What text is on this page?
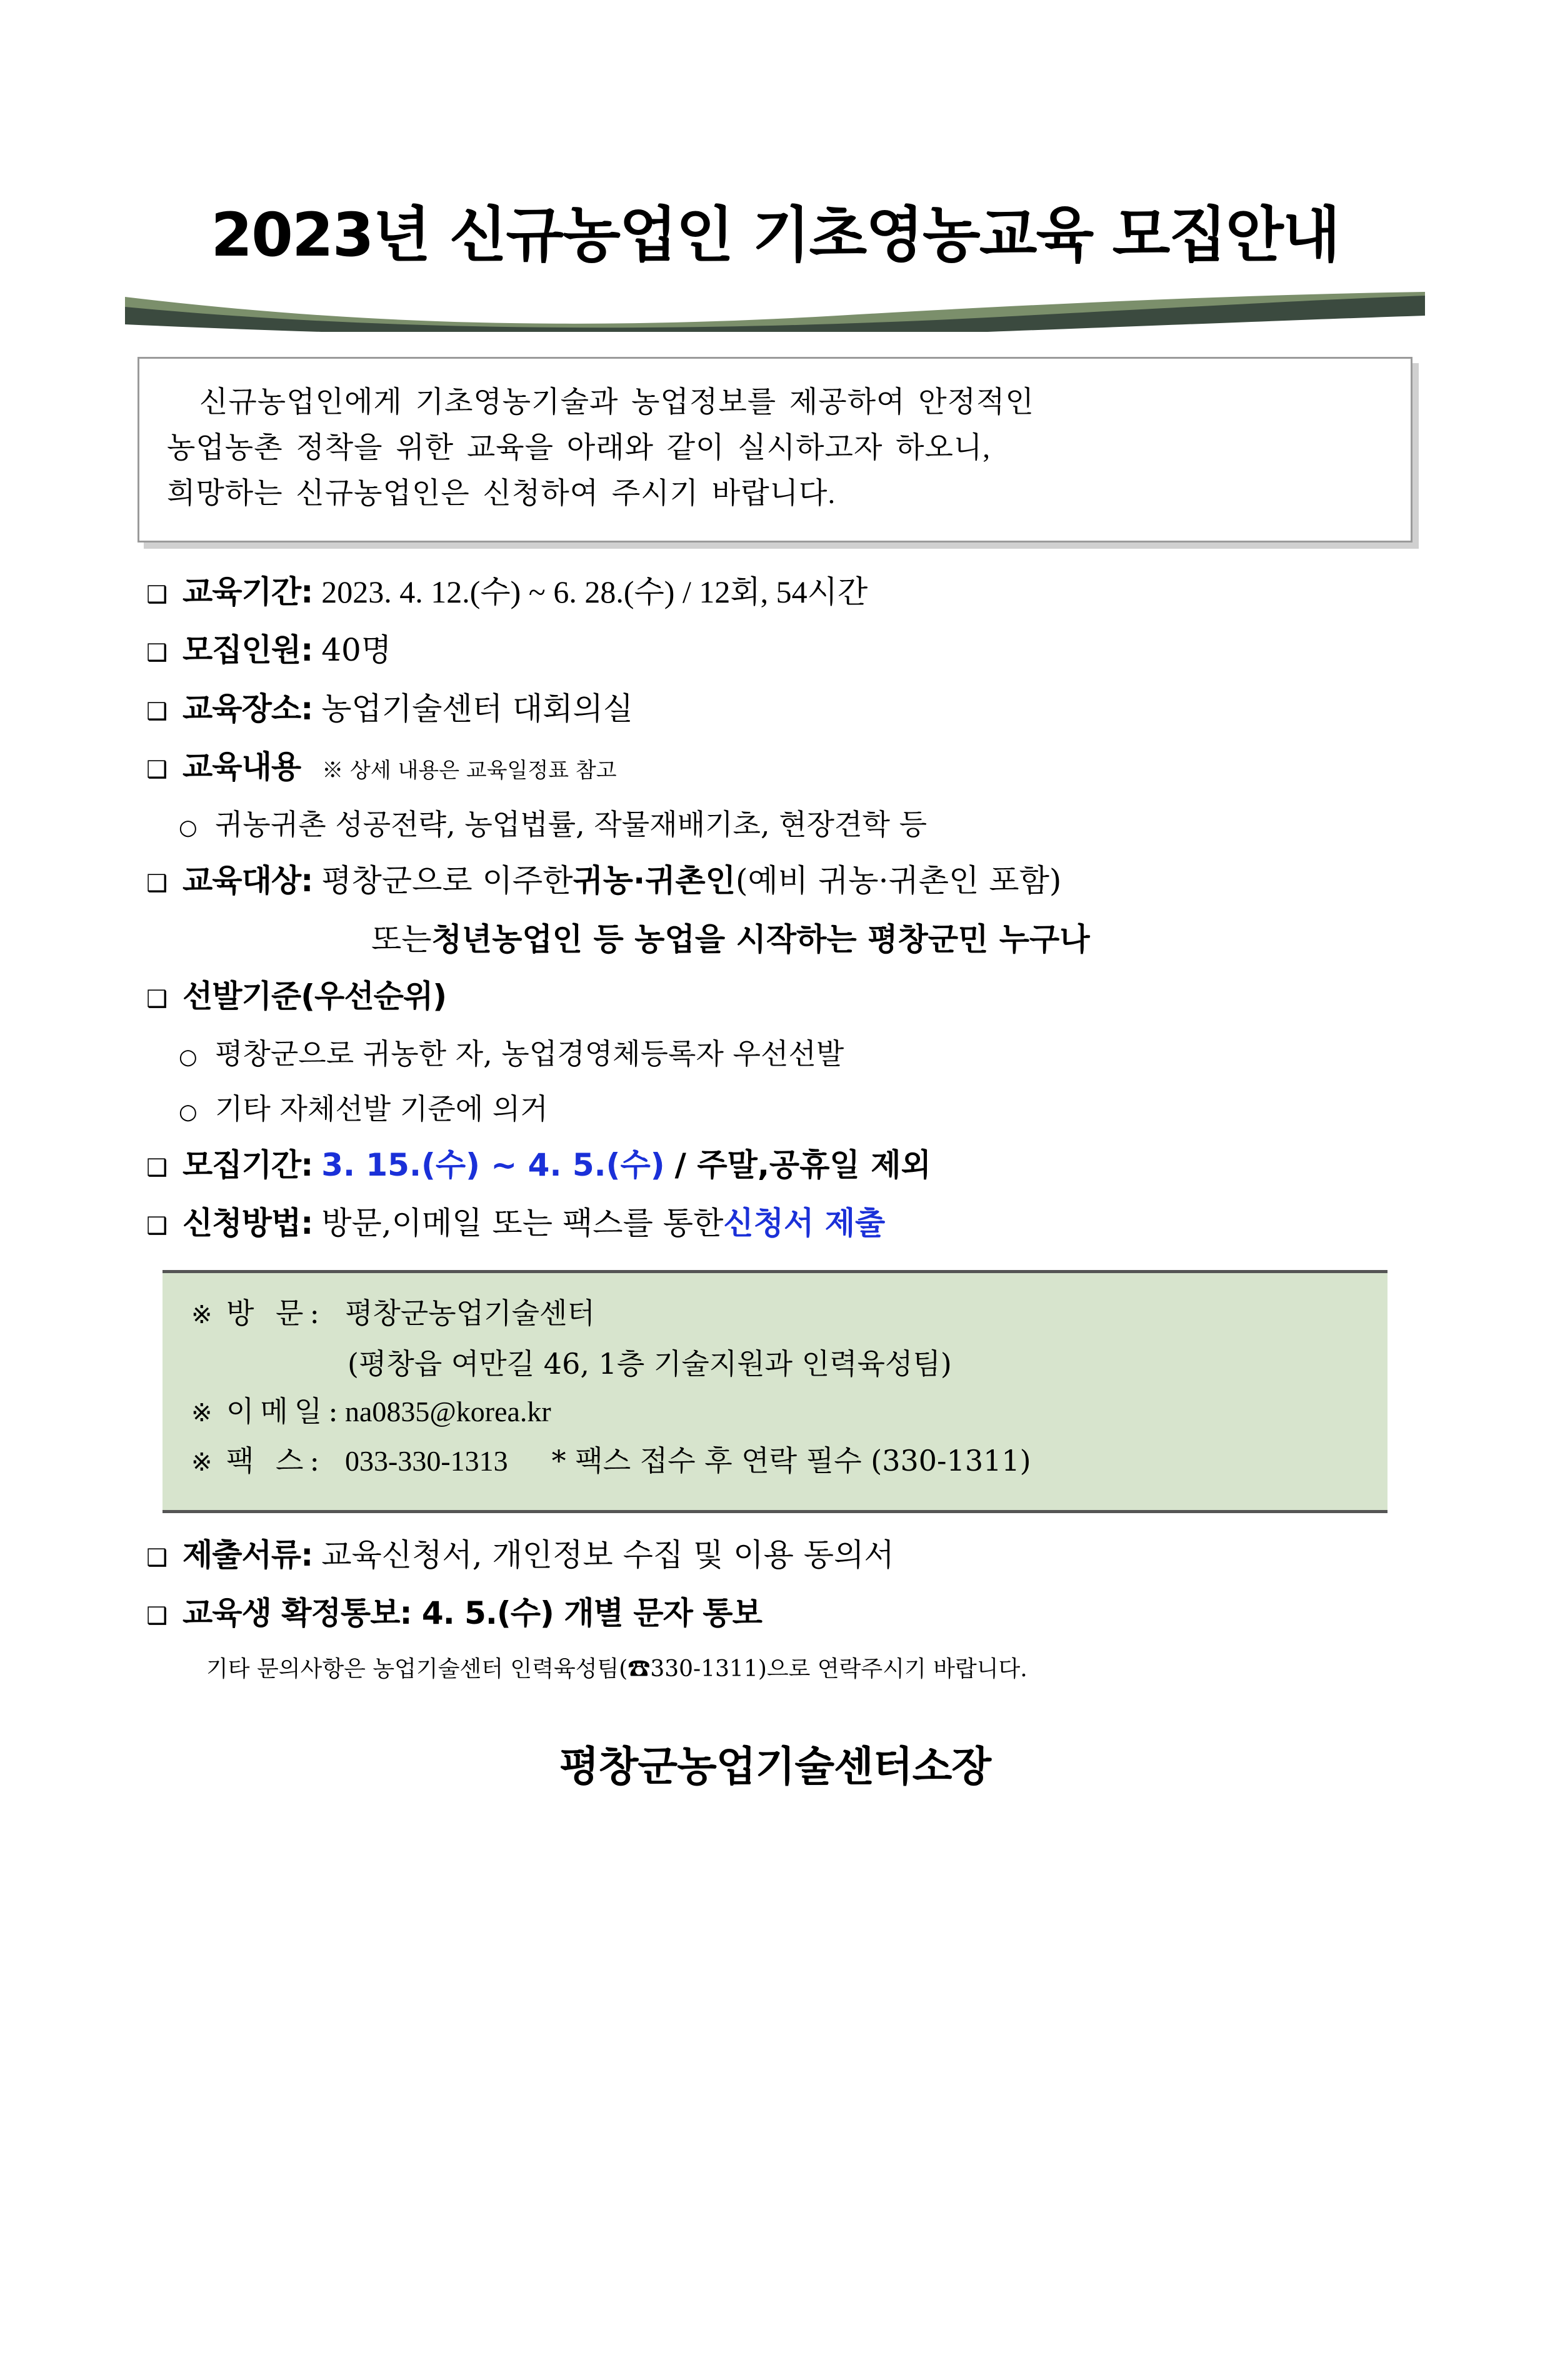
2023년 신규농업인 기초영농교육 모집안내

신규농업인에게 기초영농기술과 농업정보를 제공하여 안정적인

농업농촌 정착을 위한 교육을 아래와 같이 실시하고자 하오니,

희망하는 신규농업인은 신청하여 주시기 바랍니다.

❑ 교육기간: 2023. 4. 12.(수) ~ 6. 28.(수) / 12회, 54시간
❑ 모집인원: 40명
❑ 교육장소: 농업기술센터 대회의실
❑ 교육내용 ※ 상세 내용은 교육일정표 참고
○ 귀농귀촌 성공전략, 농업법률, 작물재배기초, 현장견학 등
❑ 교육대상: 평창군으로 이주한 귀농·귀촌인 (예비 귀농·귀촌인 포함)
또는 청년농업인 등 농업을 시작하는 평창군민 누구나
❑ 선발기준(우선순위)
○ 평창군으로 귀농한 자, 농업경영체등록자 우선선발
○ 기타 자체선발 기준에 의거
❑ 모집기간: 3. 15.(수) ~ 4. 5.(수) / 주말,공휴일 제외
❑ 신청방법: 방문,이메일 또는 팩스를 통한 신청서 제출
※ 방 문: 평창군농업기술센터
(평창읍 여만길 46, 1층 기술지원과 인력육성팀)
※ 이메일: na0835@korea.kr
※ 팩 스: 033-330-1313 * 팩스 접수 후 연락 필수 (330-1311)
❑ 제출서류: 교육신청서, 개인정보 수집 및 이용 동의서
❑ 교육생 확정통보: 4. 5.(수) 개별 문자 통보
기타 문의사항은 농업기술센터 인력육성팀(☎330-1311)으로 연락주시기 바랍니다.
평창군농업기술센터소장
